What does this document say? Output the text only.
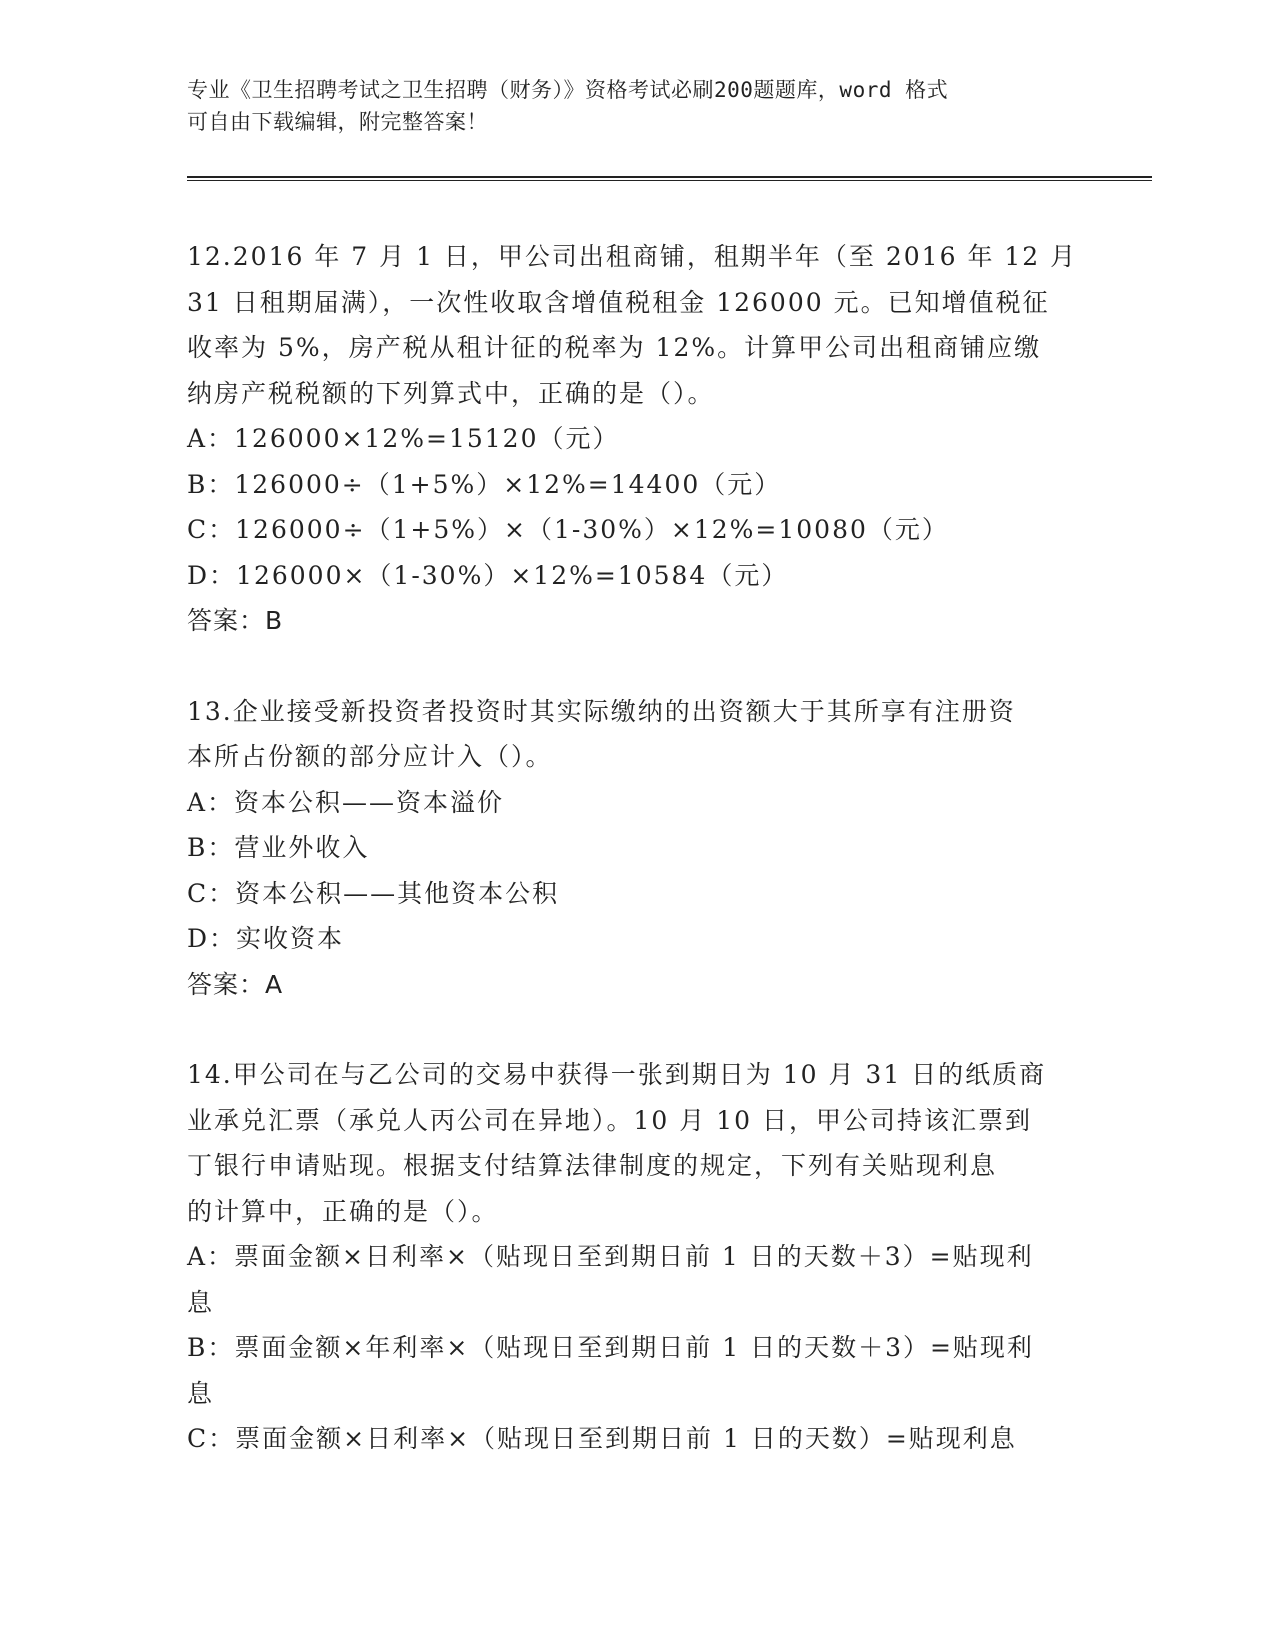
专业《卫生招聘考试之卫生招聘（财务）》资格考试必刷200题题库，word 格式
可自由下载编辑，附完整答案！

12.2016 年 7 月 1 日，甲公司出租商铺，租期半年（至 2016 年 12 月

31 日租期届满），一次性收取含增值税租金 126000 元。已知增值税征

收率为 5%，房产税从租计征的税率为 12%。计算甲公司出租商铺应缴

纳房产税税额的下列算式中，正确的是（）。

A：126000×12%=15120（元）

B：126000÷（1+5%）×12%=14400（元）

C：126000÷（1+5%）×（1-30%）×12%=10080（元）

D：126000×（1-30%）×12%=10584（元）

答案：B

13.企业接受新投资者投资时其实际缴纳的出资额大于其所享有注册资

本所占份额的部分应计入（）。

A：资本公积——资本溢价

B：营业外收入

C：资本公积——其他资本公积

D：实收资本

答案：A

14.甲公司在与乙公司的交易中获得一张到期日为 10 月 31 日的纸质商

业承兑汇票（承兑人丙公司在异地）。10 月 10 日，甲公司持该汇票到

丁银行申请贴现。根据支付结算法律制度的规定，下列有关贴现利息

的计算中，正确的是（）。

A：票面金额×日利率×（贴现日至到期日前 1 日的天数＋3）=贴现利

息

B：票面金额×年利率×（贴现日至到期日前 1 日的天数＋3）=贴现利

息

C：票面金额×日利率×（贴现日至到期日前 1 日的天数）=贴现利息
